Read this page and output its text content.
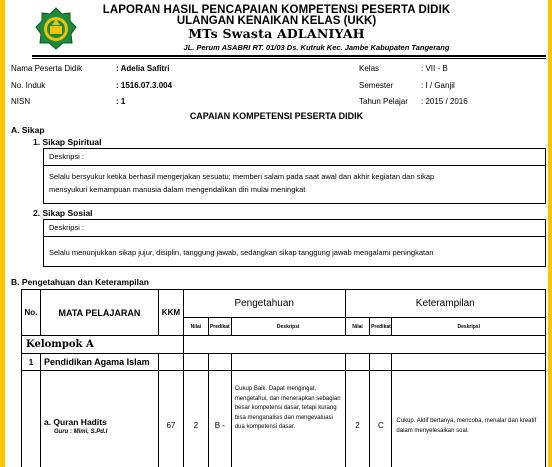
LAPORAN HASIL PENCAPAIAN KOMPETENSI PESERTA DIDIK
ULANGAN KENAIKAN KELAS (UKK)
MTs Swasta ADLANIYAH
JL. Perum ASABRI RT. 01/03 Ds. Kutruk Kec. Jambe Kabupaten Tangerang
Nama Peserta Didik	: Adelia Safitri
No. Induk	: 1516.07.3.004
NISN	: 1
Kelas	: VII - B
Semester	: I / Ganjil
Tahun Pelajar : 2015 / 2016
CAPAIAN KOMPETENSI PESERTA DIDIK
A. Sikap
1. Sikap Spiritual
Deskripsi :
Selalu bersyukur ketika berhasil mengerjakan sesuatu; memberi salam pada saat awal dan akhir kegiatan dan sikap
mensyukuri kemampuan manusia dalam mengendalikan diri mulai meningkat
2. Sikap Sosial
Deskripsi :
Selalu menunjukkan sikap jujur, disiplin, tanggung jawab, sedangkan sikap tanggung jawab mengalami peningkatan
B. Pengetahuan dan Keterampilan
No.	MATA PELAJARAN	KKM	Pengetahuan			Keterampilan		
			Nilai	Predikat	Deskripsi	Nilai	Predikat	Deskripsi
Kelompok A								
1	Pendidikan Agama Islam							

	a. Quran Hadits
Guru : Mimi, S.Pd.I	67	2	B -	Cukup Baik. Dapat mengingat, mengetahui, dan menerapkan sebagian besar kompetensi dasar, tetapi kurang bisa menganalisis dan mengevaluasi dua kompetensi dasar.	2	C	Cukup. Aktif bertanya, mencoba, menalar dan kreatif dalam menyelesaikan soal.
